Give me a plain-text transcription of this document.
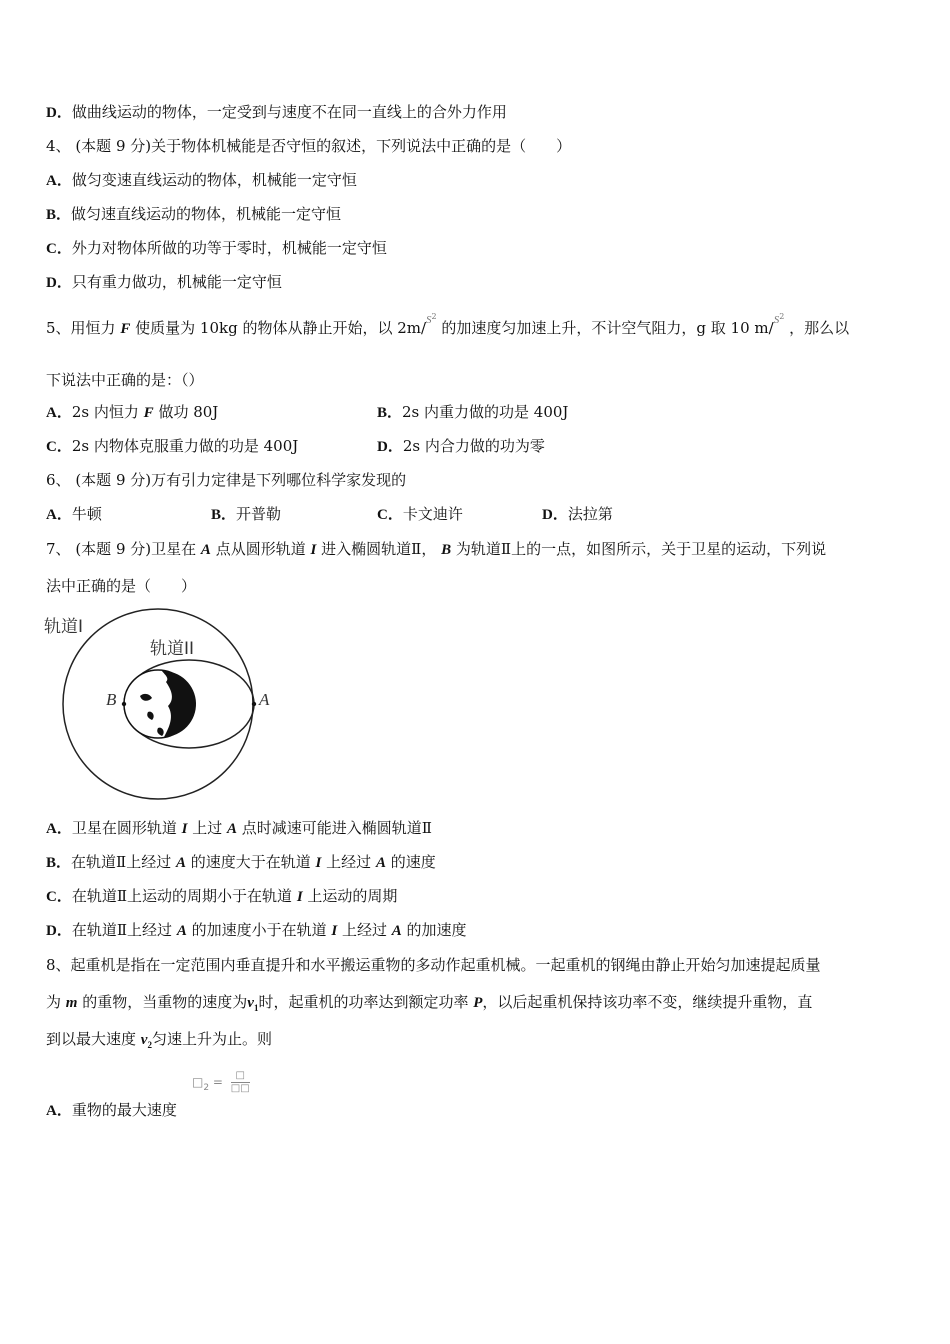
D．做曲线运动的物体，一定受到与速度不在同一直线上的合外力作用
4、 (本题 9 分)关于物体机械能是否守恒的叙述，下列说法中正确的是（　　）
A．做匀变速直线运动的物体，机械能一定守恒
B．做匀速直线运动的物体，机械能一定守恒
C．外力对物体所做的功等于零时，机械能一定守恒
D．只有重力做功，机械能一定守恒
5、用恒力 F 使质量为 10kg 的物体从静止开始，以 2m/$^{S2}$ 的加速度匀加速上升，不计空气阻力，g 取 10 m/$^{S2}$ ，那么以
下说法中正确的是：（）
A．2s 内恒力 F 做功 80J	B．2s 内重力做的功是 400J
C．2s 内物体克服重力做的功是 400J	D．2s 内合力做的功为零
6、 (本题 9 分)万有引力定律是下列哪位科学家发现的
A．牛顿	B．开普勒	C．卡文迪许	D．法拉第
7、 (本题 9 分)卫星在 A 点从圆形轨道 I 进入椭圆轨道Ⅱ， B 为轨道Ⅱ上的一点，如图所示，关于卫星的运动，下列说
法中正确的是（　　）
轨道I
轨道II
B	A
A．卫星在圆形轨道 I 上过 A 点时减速可能进入椭圆轨道Ⅱ
B．在轨道Ⅱ上经过 A 的速度大于在轨道 I 上经过 A 的速度
C．在轨道Ⅱ上运动的周期小于在轨道 I 上运动的周期
D．在轨道Ⅱ上经过 A 的加速度小于在轨道 I 上经过 A 的加速度
8、起重机是指在一定范围内垂直提升和水平搬运重物的多动作起重机械。一起重机的钢绳由静止开始匀加速提起质量
为 m 的重物，当重物的速度为$v_1$时，起重机的功率达到额定功率 P，以后起重机保持该功率不变，继续提升重物，直
到以最大速度 $v_2$匀速上升为止。则
$□_2 = \frac{□}{□□}$
A．重物的最大速度
